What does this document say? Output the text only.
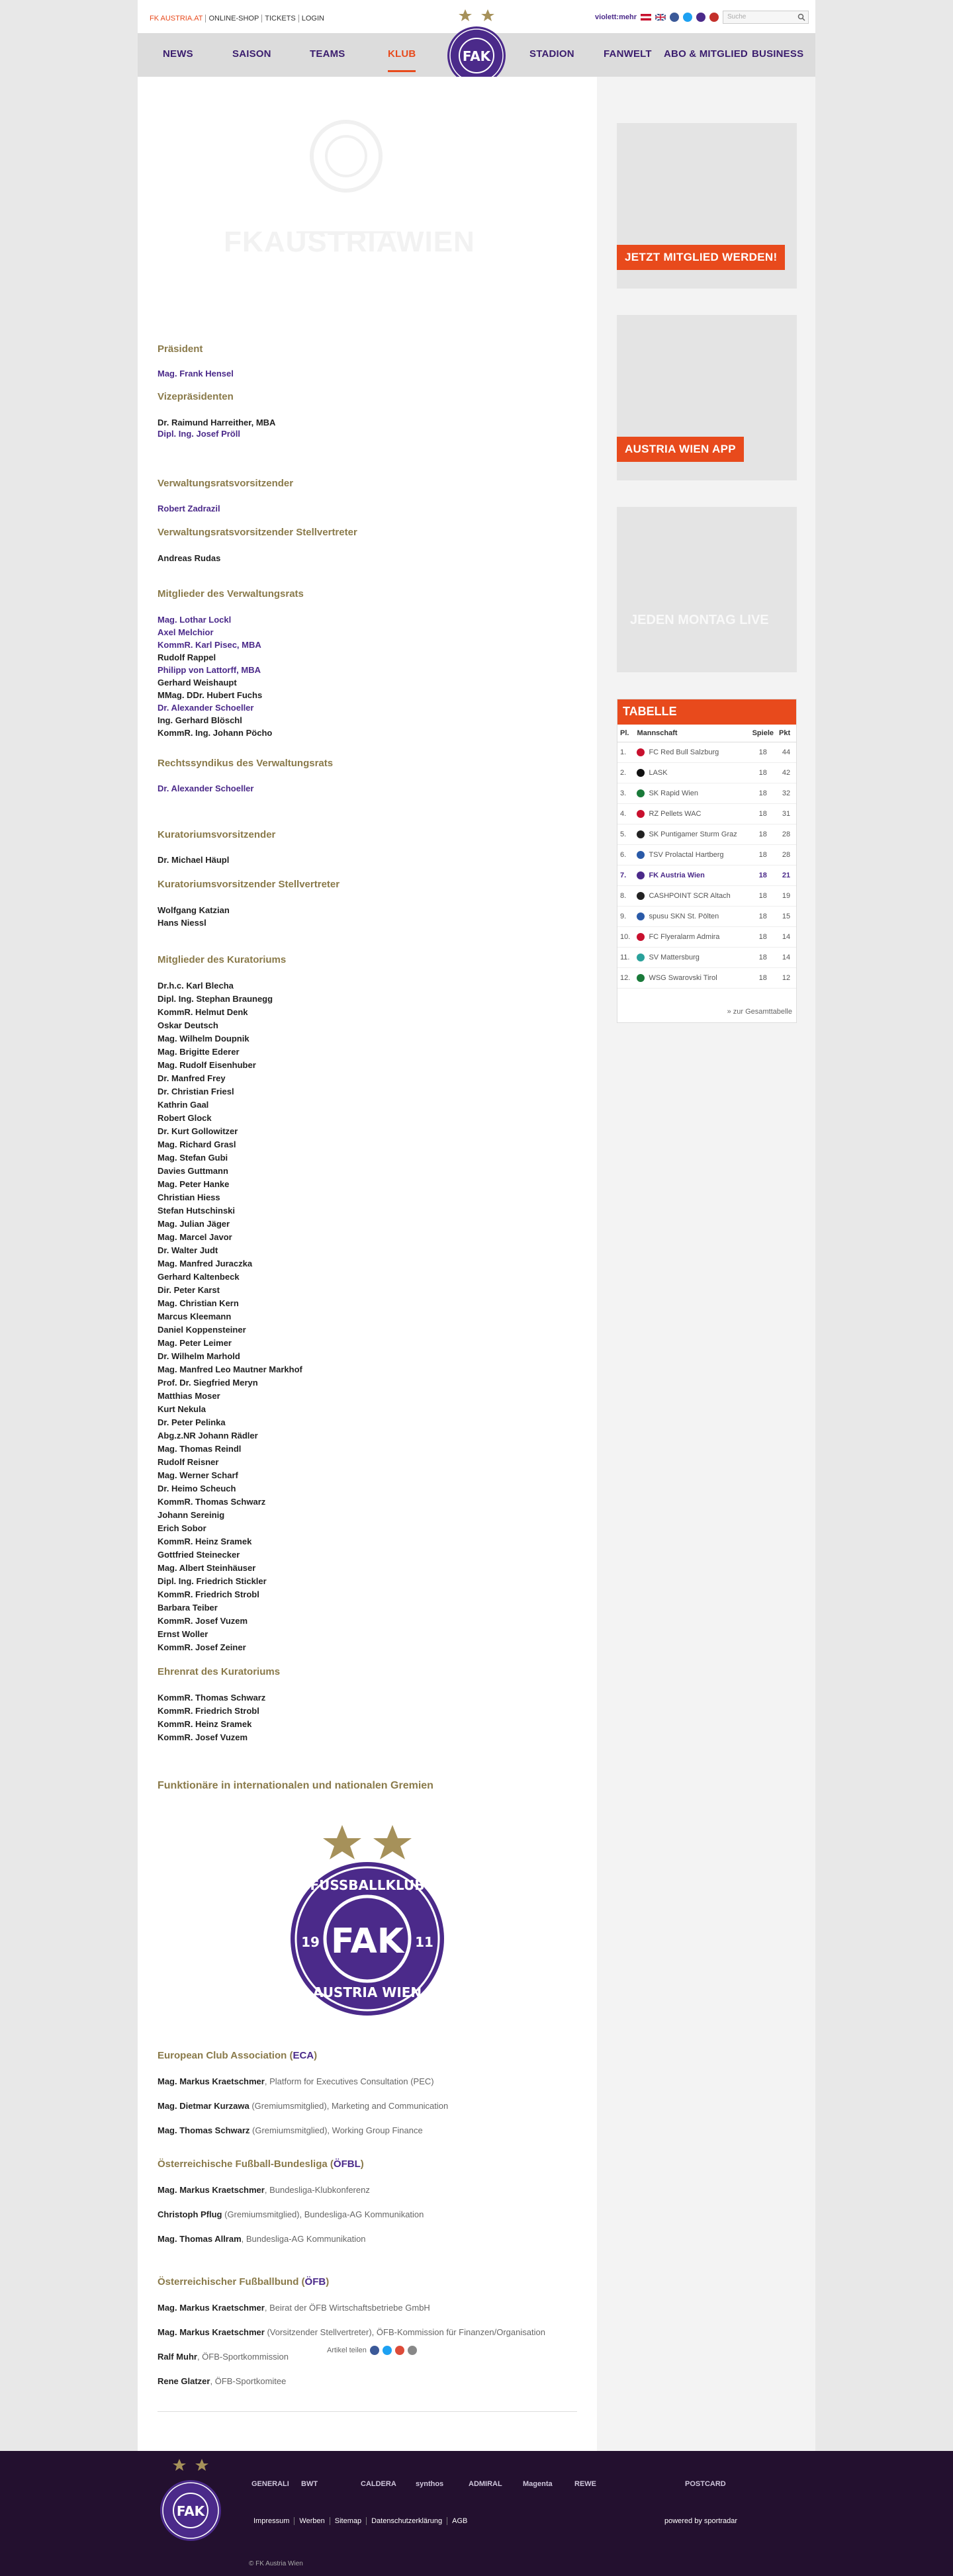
FK AUSTRIA.AT ONLINE-SHOP TICKETS LOGIN	violett:mehr	Suche
NEWS	SAISON	TEAMS	KLUB	STADION	FANWELT ABO & MITGLIED BUSINESS
FAK
FKAUSTRIAWIEN
Präsident
Mag. Frank Hensel
Vizepräsidenten
Dr. Raimund Harreither, MBA
Dipl. Ing. Josef Pröll
Verwaltungsratsvorsitzender
Robert Zadrazil
Verwaltungsratsvorsitzender Stellvertreter
Andreas Rudas
Mitglieder des Verwaltungsrats
Mag. Lothar Lockl
Axel Melchior
KommR. Karl Pisec, MBA
Rudolf Rappel
Philipp von Lattorff, MBA
Gerhard Weishaupt
MMag. DDr. Hubert Fuchs
Dr. Alexander Schoeller
Ing. Gerhard Blöschl
KommR. Ing. Johann Pöcho
Rechtssyndikus des Verwaltungsrats
Dr. Alexander Schoeller
Kuratoriumsvorsitzender
Dr. Michael Häupl
Kuratoriumsvorsitzender Stellvertreter
Wolfgang Katzian
Hans Niessl
Mitglieder des Kuratoriums
Dr.h.c. Karl Blecha
Dipl. Ing. Stephan Braunegg
KommR. Helmut Denk
Oskar Deutsch
Mag. Wilhelm Doupnik
Mag. Brigitte Ederer
Mag. Rudolf Eisenhuber
Dr. Manfred Frey
Dr. Christian Friesl
Kathrin Gaal
Robert Glock
Dr. Kurt Gollowitzer
Mag. Richard Grasl
Mag. Stefan Gubi
Davies Guttmann
Mag. Peter Hanke
Christian Hiess
Stefan Hutschinski
Mag. Julian Jäger
Mag. Marcel Javor
Dr. Walter Judt
Mag. Manfred Juraczka
Gerhard Kaltenbeck
Dir. Peter Karst
Mag. Christian Kern
Marcus Kleemann
Daniel Koppensteiner
Mag. Peter Leimer
Dr. Wilhelm Marhold
Mag. Manfred Leo Mautner Markhof
Prof. Dr. Siegfried Meryn
Matthias Moser
Kurt Nekula
Dr. Peter Pelinka
Abg.z.NR Johann Rädler
Mag. Thomas Reindl
Rudolf Reisner
Mag. Werner Scharf
Dr. Heimo Scheuch
KommR. Thomas Schwarz
Johann Sereinig
Erich Sobor
KommR. Heinz Sramek
Gottfried Steinecker
Mag. Albert Steinhäuser
Dipl. Ing. Friedrich Stickler
KommR. Friedrich Strobl
Barbara Teiber
KommR. Josef Vuzem
Ernst Woller
KommR. Josef Zeiner
Ehrenrat des Kuratoriums
KommR. Thomas Schwarz
KommR. Friedrich Strobl
KommR. Heinz Sramek
KommR. Josef Vuzem
Funktionäre in internationalen und nationalen Gremien
FAK
19	11
FUSSBALLKLUB
AUSTRIA WIEN
European Club Association (ECA)
Mag. Markus Kraetschmer, Platform for Executives Consultation (PEC)
Mag. Dietmar Kurzawa (Gremiumsmitglied), Marketing and Communication
Mag. Thomas Schwarz (Gremiumsmitglied), Working Group Finance
Österreichische Fußball-Bundesliga (ÖFBL)
Mag. Markus Kraetschmer, Bundesliga-Klubkonferenz
Christoph Pflug (Gremiumsmitglied), Bundesliga-AG Kommunikation
Mag. Thomas Allram, Bundesliga-AG Kommunikation
Österreichischer Fußballbund (ÖFB)
Mag. Markus Kraetschmer, Beirat der ÖFB Wirtschaftsbetriebe GmbH
Mag. Markus Kraetschmer (Vorsitzender Stellvertreter), ÖFB-Kommission für Finanzen/Organisation
Ralf Muhr, ÖFB-Sportkommission
Rene Glatzer, ÖFB-Sportkomitee
Artikel teilen
JETZT MITGLIED WERDEN!
AUSTRIA WIEN APP
JEDEN MONTAG LIVE
TABELLE
Pl.	Mannschaft	Spiele	Pkt
1.	FC Red Bull Salzburg	18	44
2.	LASK	18	42
3.	SK Rapid Wien	18	32
4.	RZ Pellets WAC	18	31
5.	SK Puntigamer Sturm Graz	18	28
6.	TSV Prolactal Hartberg	18	28
7.	FK Austria Wien	18	21
8.	CASHPOINT SCR Altach	18	19
9.	spusu SKN St. Pölten	18	15
10.	FC Flyeralarm Admira	18	14
11.	SV Mattersburg	18	14
12.	WSG Swarovski Tirol	18	12
» zur Gesamttabelle
FAK
GENERALI BWT	CALDERA	synthos	ADMIRAL	Magenta	REWE	POSTCARD
Impressum Werben Sitemap Datenschutzerklärung AGB
© FK Austria Wien
powered by sportradar
